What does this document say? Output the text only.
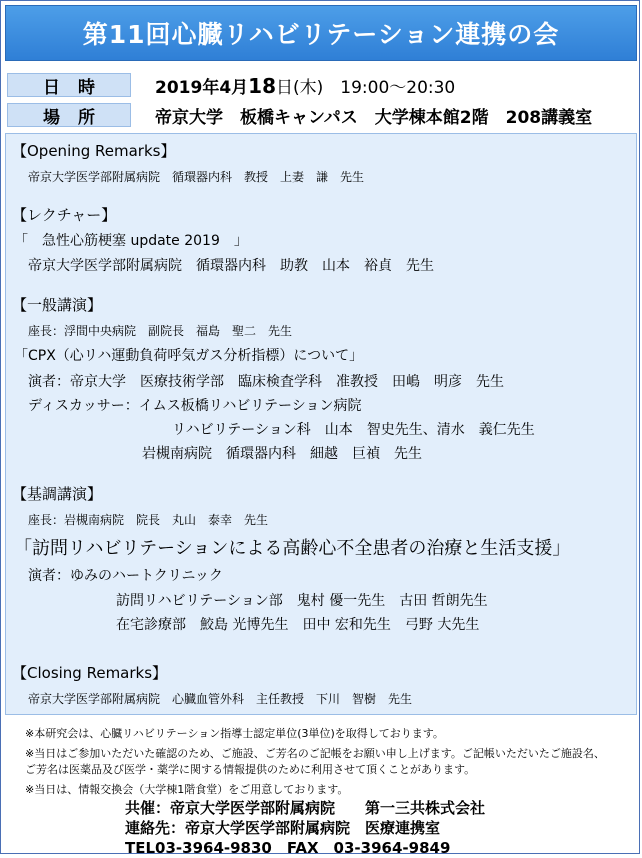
第11回心臓リハビリテーション連携の会
日時	2019年4月18日(木)　 19:00～20:30
場所	帝京大学　板橋キャンパス　大学棟本館2階　208講義室
【Opening Remarks】
帝京大学医学部附属病院　循環器内科　教授　上妻　謙　先生
【レクチャー】
「　急性心筋梗塞 update 2019　」
帝京大学医学部附属病院　循環器内科　助教　山本　裕貞　先生
【一般講演】
座長：浮間中央病院　副院長　福島　聖二　先生
「CPX（心リハ運動負荷呼気ガス分析指標）について」
演者：帝京大学　医療技術学部　臨床検査学科　准教授　田嶋　明彦　先生
ディスカッサー：イムス板橋リハビリテーション病院
リハビリテーション科　山本　智史先生、清水　義仁先生
岩槻南病院　循環器内科　細越　巨禎　先生
【基調講演】
座長：岩槻南病院　院長　丸山　泰幸　先生
「訪問リハビリテーションによる高齢心不全患者の治療と生活支援」
演者：ゆみのハートクリニック
訪問リハビリテーション部　鬼村 優一先生　古田 哲朗先生
在宅診療部　鮫島 光博先生　田中 宏和先生　弓野 大先生
【Closing Remarks】
帝京大学医学部附属病院　心臓血管外科　主任教授　下川　智樹　先生
※本研究会は、心臓リハビリテーション指導士認定単位(3単位)を取得しております。
※当日はご参加いただいた確認のため、ご施設、ご芳名のご記帳をお願い申し上げます。ご記帳いただいたご施設名、
ご芳名は医薬品及び医学・薬学に関する情報提供のために利用させて頂くことがあります。
※当日は、情報交換会（大学棟1階食堂）をご用意しております。
共催：帝京大学医学部附属病院　　第一三共株式会社
連絡先：帝京大学医学部附属病院　医療連携室
TEL03-3964-9830　FAX　03-3964-9849
